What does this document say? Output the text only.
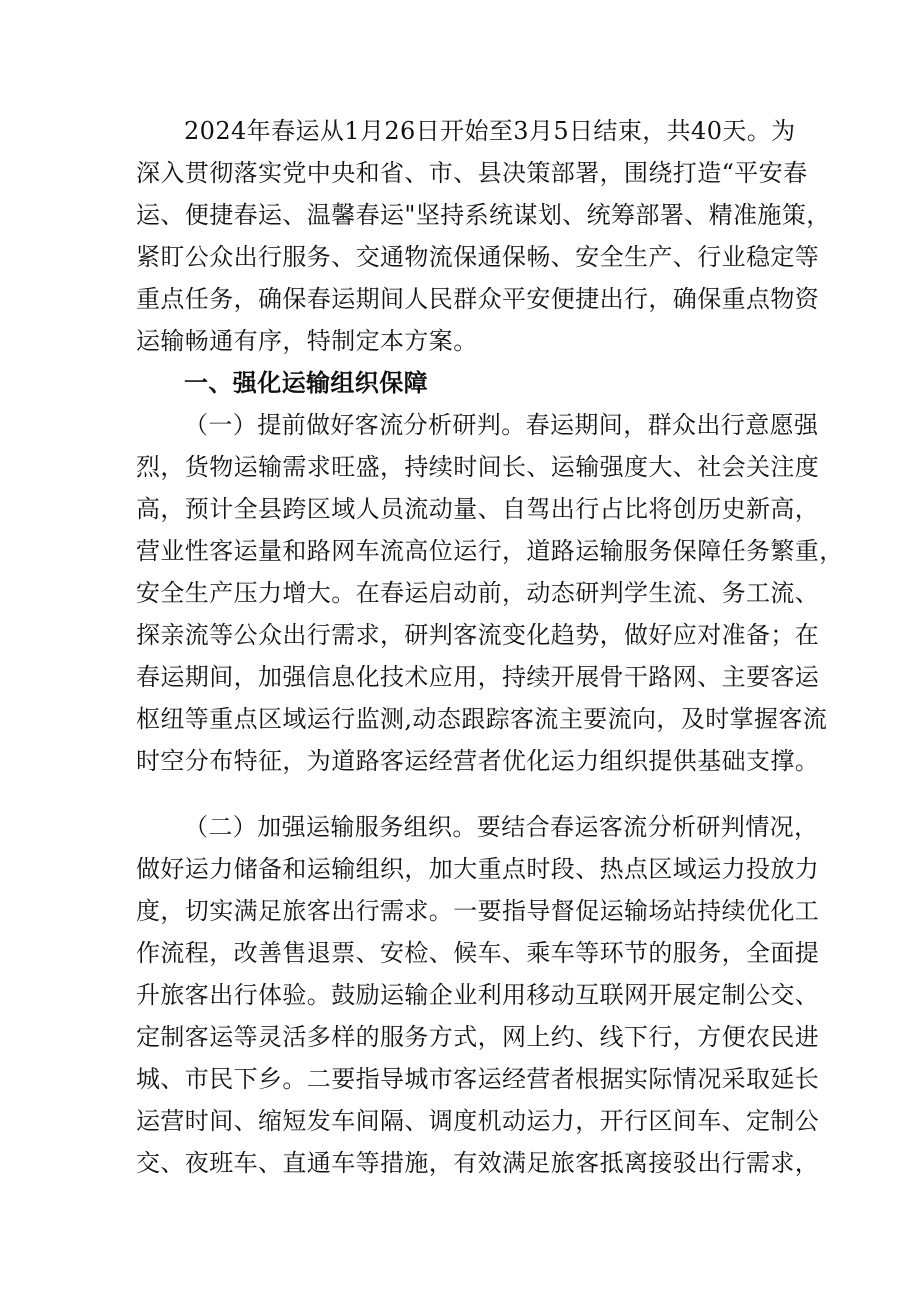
2024年春运从1月26日开始至3月5日结束，共40天。为
深入贯彻落实党中央和省、市、县决策部署，围绕打造“平安春
运、便捷春运、温馨春运"坚持系统谋划、统筹部署、精准施策，
紧盯公众出行服务、交通物流保通保畅、安全生产、行业稳定等
重点任务，确保春运期间人民群众平安便捷出行，确保重点物资
运输畅通有序，特制定本方案。
一、强化运输组织保障
（一）提前做好客流分析研判。春运期间，群众出行意愿强
烈，货物运输需求旺盛，持续时间长、运输强度大、社会关注度
高，预计全县跨区域人员流动量、自驾出行占比将创历史新高，
营业性客运量和路网车流高位运行，道路运输服务保障任务繁重，
安全生产压力增大。在春运启动前，动态研判学生流、务工流、
探亲流等公众出行需求，研判客流变化趋势，做好应对准备；在
春运期间，加强信息化技术应用，持续开展骨干路网、主要客运
枢纽等重点区域运行监测,动态跟踪客流主要流向，及时掌握客流
时空分布特征，为道路客运经营者优化运力组织提供基础支撑。
（二）加强运输服务组织。要结合春运客流分析研判情况，
做好运力储备和运输组织，加大重点时段、热点区域运力投放力
度，切实满足旅客出行需求。一要指导督促运输场站持续优化工
作流程，改善售退票、安检、候车、乘车等环节的服务，全面提
升旅客出行体验。鼓励运输企业利用移动互联网开展定制公交、
定制客运等灵活多样的服务方式，网上约、线下行，方便农民进
城、市民下乡。二要指导城市客运经营者根据实际情况采取延长
运营时间、缩短发车间隔、调度机动运力，开行区间车、定制公
交、夜班车、直通车等措施，有效满足旅客抵离接驳出行需求，
